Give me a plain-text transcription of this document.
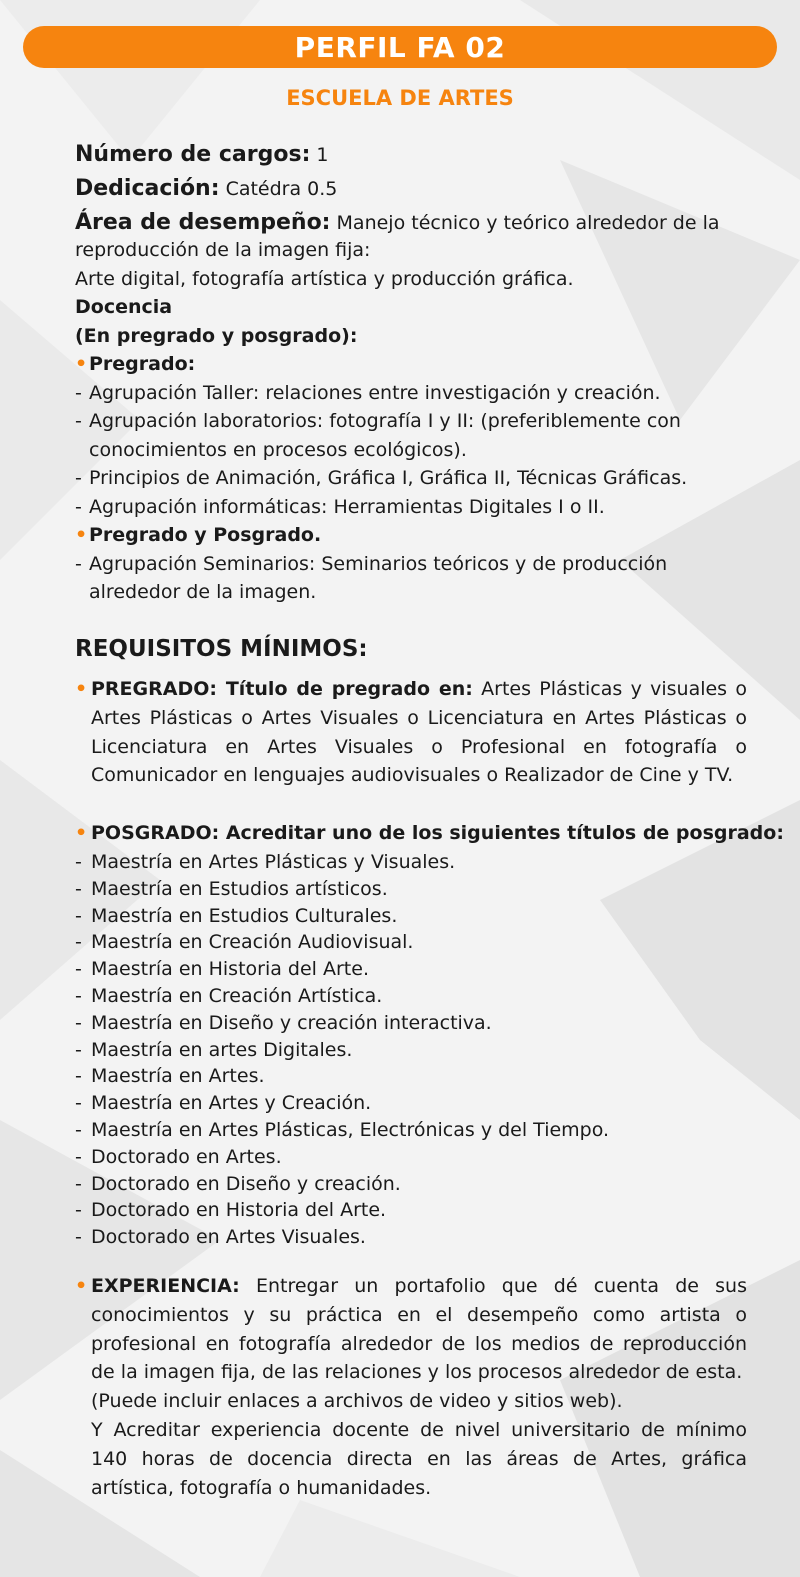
PERFIL FA 02
ESCUELA DE ARTES

Número de cargos: 1

Dedicación: Catédra 0.5

Área de desempeño: Manejo técnico y teórico alrededor de la

reproducción de la imagen fija:

Arte digital, fotografía artística y producción gráfica.

Docencia

(En pregrado y posgrado):

• Pregrado:

- Agrupación Taller: relaciones entre investigación y creación.
- Agrupación laboratorios: fotografía I y II: (preferiblemente con
conocimientos en procesos ecológicos).
- Principios de Animación, Gráfica I, Gráfica II, Técnicas Gráficas.
- Agrupación informáticas: Herramientas Digitales I o II.

• Pregrado y Posgrado.

- Agrupación Seminarios: Seminarios teóricos y de producción
alrededor de la imagen.
REQUISITOS MÍNIMOS:
• PREGRADO: Título de pregrado en: Artes Plásticas y visuales o Artes Plásticas o Artes Visuales o Licenciatura en Artes Plásticas o Licenciatura en Artes Visuales o Profesional en fotografía o Comunicador en lenguajes audiovisuales o Realizador de Cine y TV.
• POSGRADO: Acreditar uno de los siguientes títulos de posgrado:
- Maestría en Artes Plásticas y Visuales.
- Maestría en Estudios artísticos.
- Maestría en Estudios Culturales.
- Maestría en Creación Audiovisual.
- Maestría en Historia del Arte.
- Maestría en Creación Artística.
- Maestría en Diseño y creación interactiva.
- Maestría en artes Digitales.
- Maestría en Artes.
- Maestría en Artes y Creación.
- Maestría en Artes Plásticas, Electrónicas y del Tiempo.
- Doctorado en Artes.
- Doctorado en Diseño y creación.
- Doctorado en Historia del Arte.
- Doctorado en Artes Visuales.
• EXPERIENCIA: Entregar un portafolio que dé cuenta de sus conocimientos y su práctica en el desempeño como artista o profesional en fotografía alrededor de los medios de reproducción de la imagen fija, de las relaciones y los procesos alrededor de esta.
(Puede incluir enlaces a archivos de video y sitios web).
Y Acreditar experiencia docente de nivel universitario de mínimo 140 horas de docencia directa en las áreas de Artes, gráfica artística, fotografía o humanidades.
